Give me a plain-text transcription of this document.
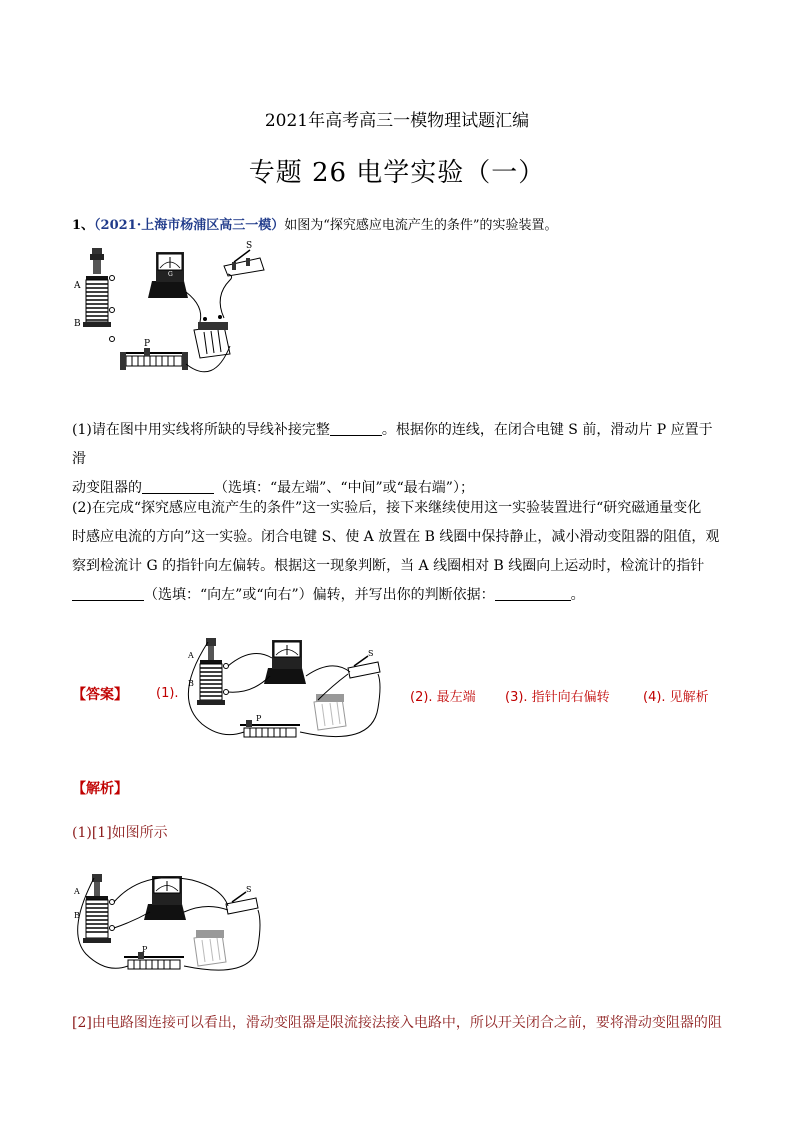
2021年高考高三一模物理试题汇编
专题 26 电学实验（一）
1、（2021·上海市杨浦区高三一模）如图为“探究感应电流产生的条件”的实验装置。
A
B
G
S
P
(1)请在图中用实线将所缺的导线补接完整	。根据你的连线，在闭合电键 S 前，滑动片 P 应置于滑
动变阻器的	（选填：“最左端”、“中间”或“最右端”）；
(2)在完成“探究感应电流产生的条件”这一实验后，接下来继续使用这一实验装置进行“研究磁通量变化
时感应电流的方向”这一实验。闭合电键 S、使 A 放置在 B 线圈中保持静止，减小滑动变阻器的阻值，观
察到检流计 G 的指针向左偏转。根据这一现象判断，当 A 线圈相对 B 线圈向上运动时，检流计的指针
（选填：“向左”或“向右”）偏转，并写出你的判断依据：	。
【答案】 (1).
A
B
S
P
(2). 最左端 (3). 指针向右偏转	(4). 见解析
【解析】
(1)[1]如图所示
A
B
S
P
[2]由电路图连接可以看出，滑动变阻器是限流接法接入电路中，所以开关闭合之前，要将滑动变阻器的阻
